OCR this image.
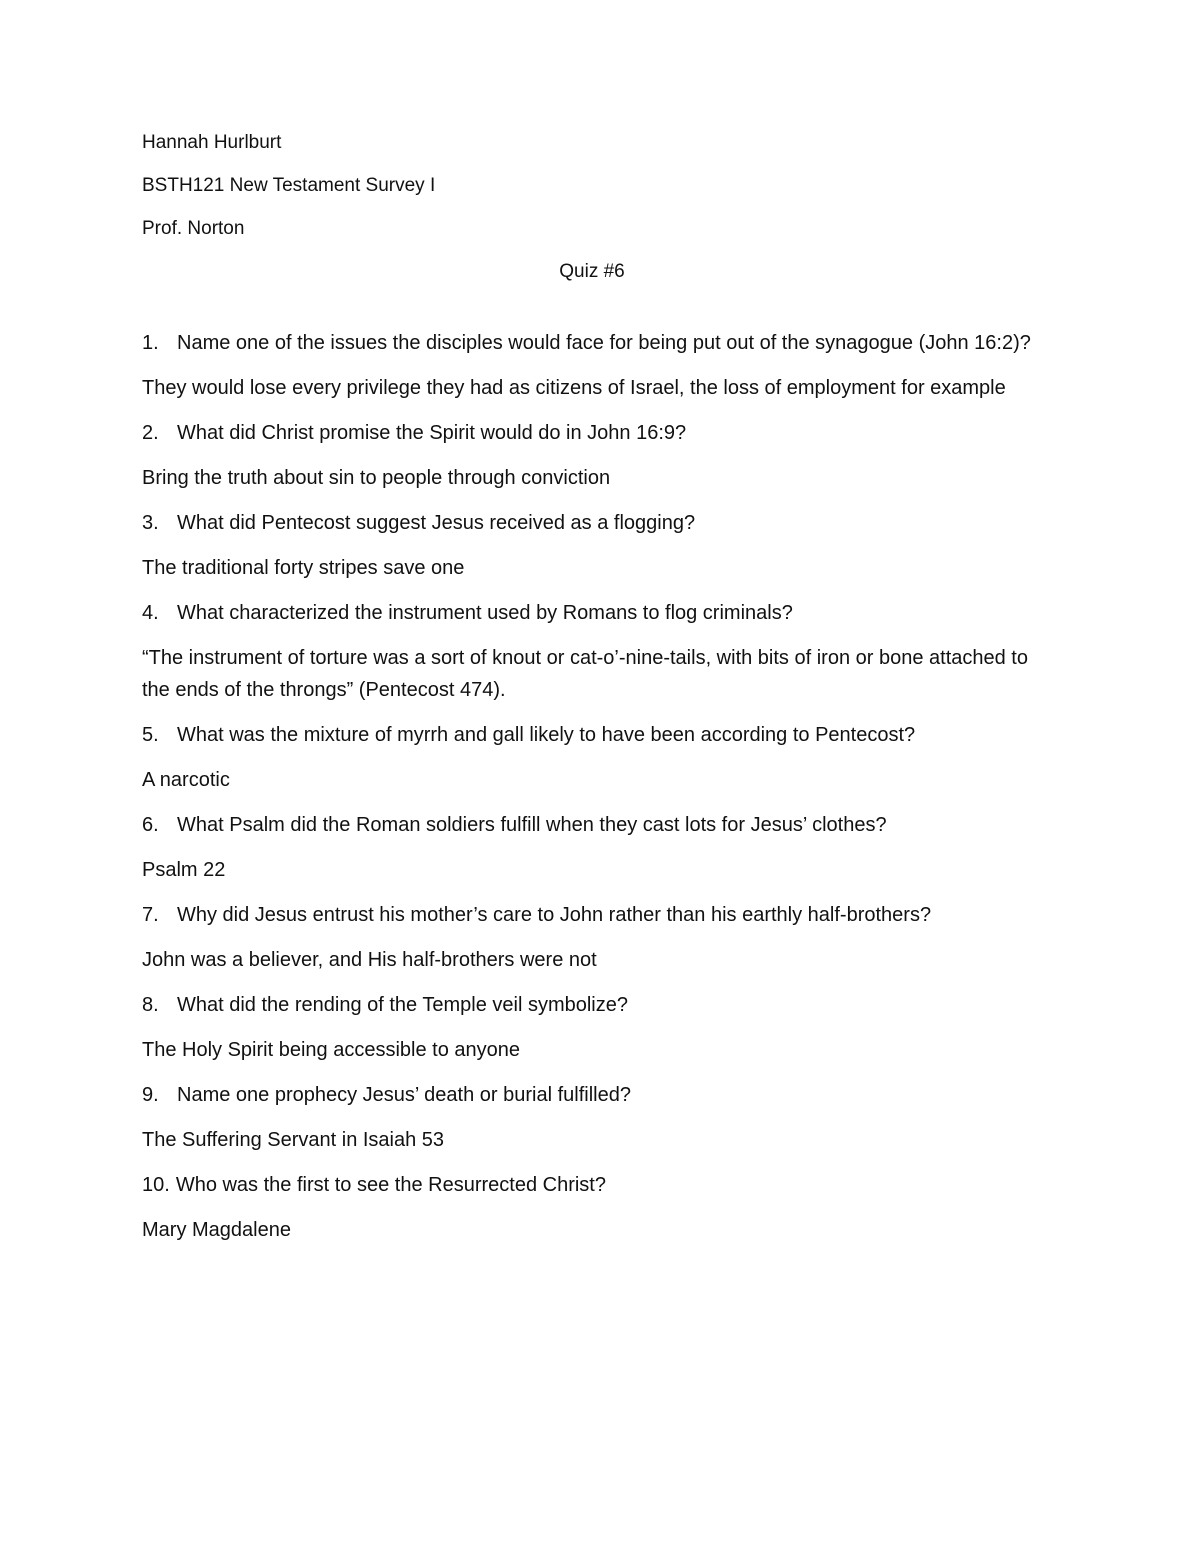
Hannah Hurlburt
BSTH121 New Testament Survey I
Prof. Norton
Quiz #6
1. Name one of the issues the disciples would face for being put out of the synagogue (John 16:2)?
They would lose every privilege they had as citizens of Israel, the loss of employment for example
2. What did Christ promise the Spirit would do in John 16:9?
Bring the truth about sin to people through conviction
3. What did Pentecost suggest Jesus received as a flogging?
The traditional forty stripes save one
4. What characterized the instrument used by Romans to flog criminals?
“The instrument of torture was a sort of knout or cat-o’-nine-tails, with bits of iron or bone attached to the ends of the throngs” (Pentecost 474).
5. What was the mixture of myrrh and gall likely to have been according to Pentecost?
A narcotic
6. What Psalm did the Roman soldiers fulfill when they cast lots for Jesus’ clothes?
Psalm 22
7. Why did Jesus entrust his mother’s care to John rather than his earthly half-brothers?
John was a believer, and His half-brothers were not
8. What did the rending of the Temple veil symbolize?
The Holy Spirit being accessible to anyone
9. Name one prophecy Jesus’ death or burial fulfilled?
The Suffering Servant in Isaiah 53
10. Who was the first to see the Resurrected Christ?
Mary Magdalene
